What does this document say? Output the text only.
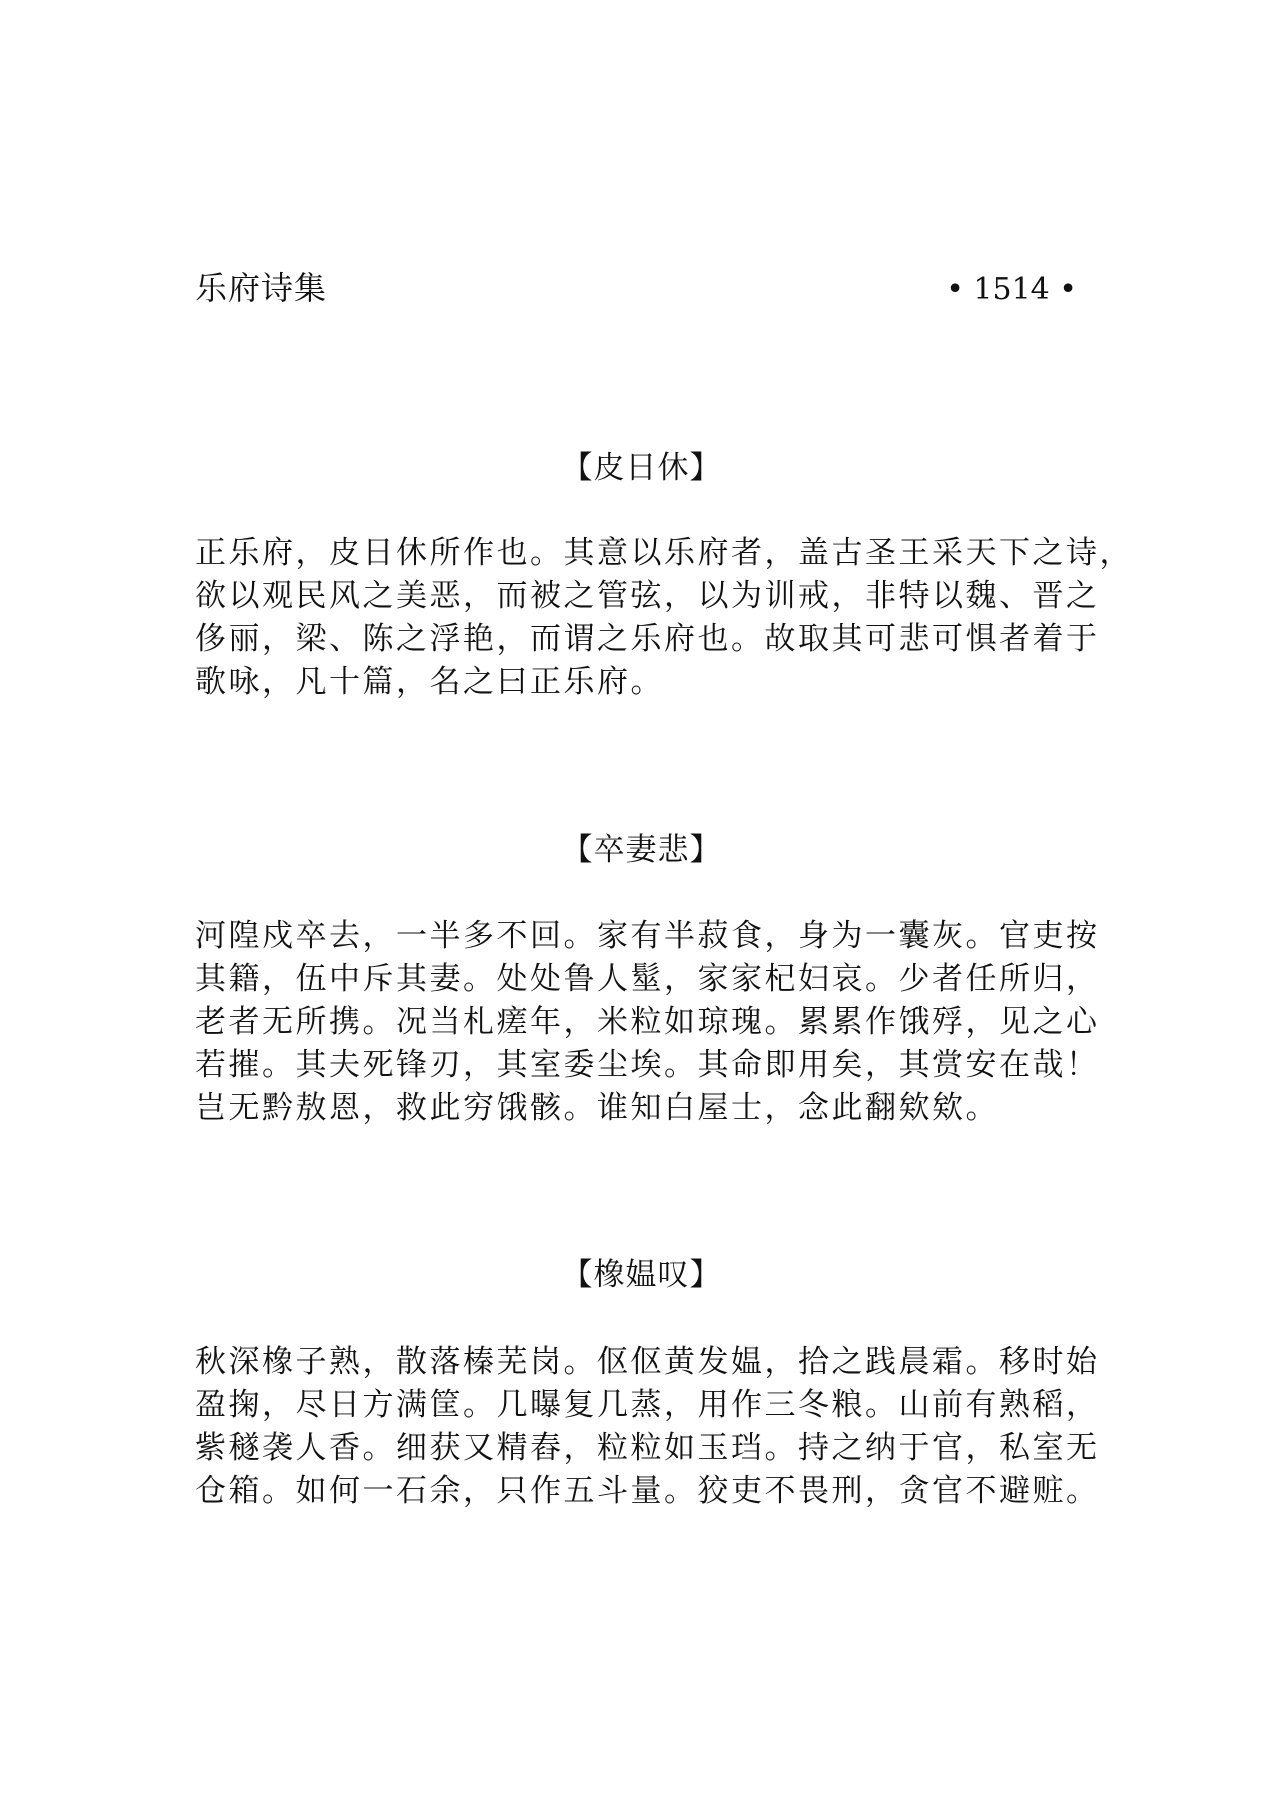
乐府诗集	• 1514 •
【皮日休】
正乐府，皮日休所作也。其意以乐府者，盖古圣王采天下之诗，
欲以观民风之美恶，而被之管弦，以为训戒，非特以魏、晋之
侈丽，梁、陈之浮艳，而谓之乐府也。故取其可悲可惧者着于
歌咏，凡十篇，名之曰正乐府。
【卒妻悲】
河隍戍卒去，一半多不回。家有半菽食，身为一囊灰。官吏按
其籍，伍中斥其妻。处处鲁人髽，家家杞妇哀。少者任所归，
老者无所携。况当札瘥年，米粒如琼瑰。累累作饿殍，见之心
若摧。其夫死锋刃，其室委尘埃。其命即用矣，其赏安在哉！
岂无黔敖恩，救此穷饿骸。谁知白屋士，念此翻欸欸。
【橡媪叹】
秋深橡子熟，散落榛芜岗。伛伛黄发媪，拾之践晨霜。移时始
盈掬，尽日方满筐。几曝复几蒸，用作三冬粮。山前有熟稻，
紫穟袭人香。细获又精舂，粒粒如玉珰。持之纳于官，私室无
仓箱。如何一石余，只作五斗量。狡吏不畏刑，贪官不避赃。
